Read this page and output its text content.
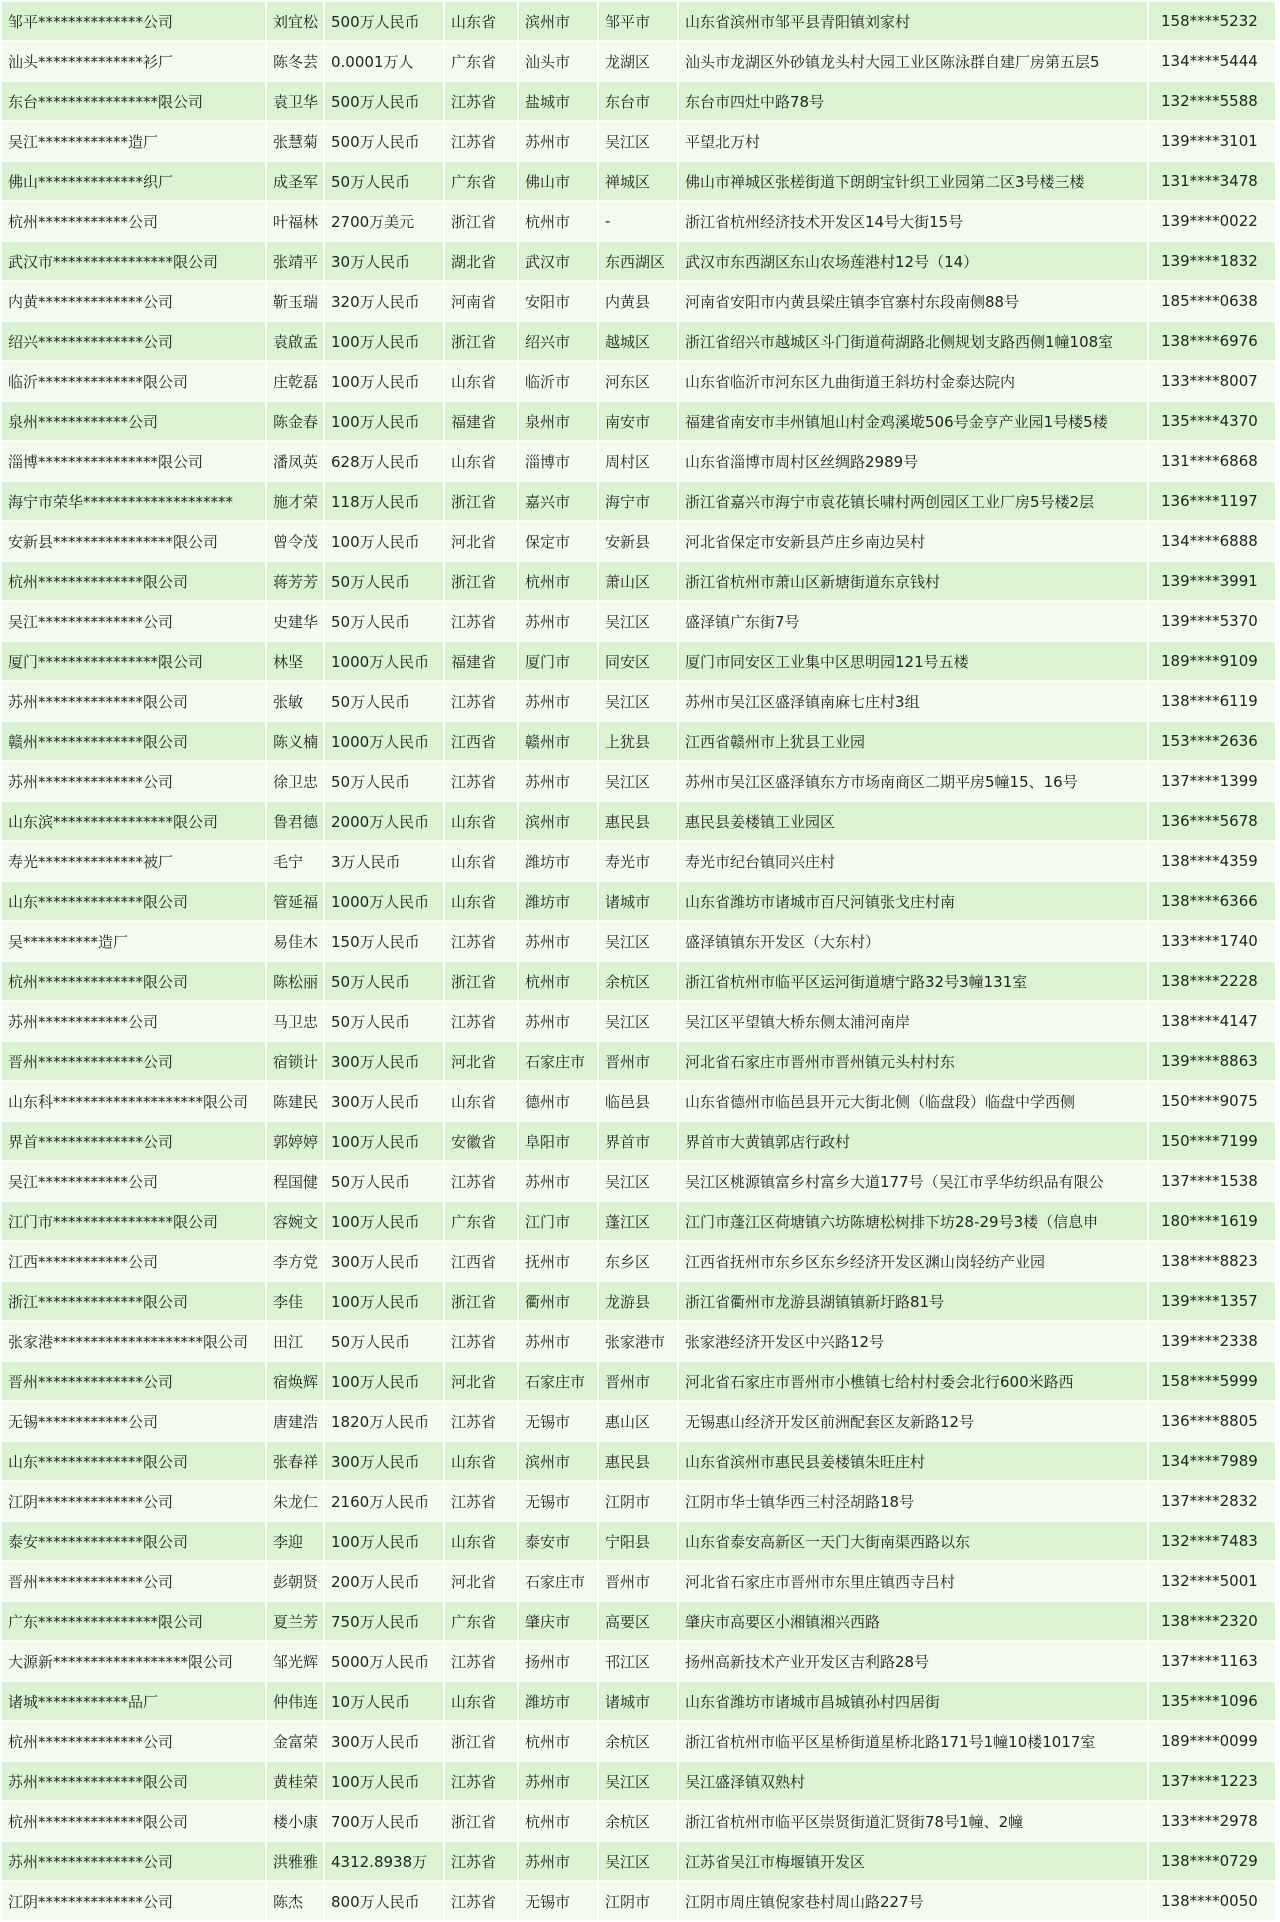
邹平**************公司	刘宜松	500万人民币	山东省	滨州市	邹平市	山东省滨州市邹平县青阳镇刘家村	158****5232
汕头**************衫厂	陈冬芸	0.0001万人	广东省	汕头市	龙湖区	汕头市龙湖区外砂镇龙头村大园工业区陈泳群自建厂房第五层5	134****5444
东台****************限公司	袁卫华	500万人民币	江苏省	盐城市	东台市	东台市四灶中路78号	132****5588
吴江************造厂	张慧菊	500万人民币	江苏省	苏州市	吴江区	平望北万村	139****3101
佛山**************织厂	成圣军	50万人民币	广东省	佛山市	禅城区	佛山市禅城区张槎街道下朗朗宝针织工业园第二区3号楼三楼	131****3478
杭州************公司	叶福林	2700万美元	浙江省	杭州市	-	浙江省杭州经济技术开发区14号大街15号	139****0022
武汉市****************限公司	张靖平	30万人民币	湖北省	武汉市	东西湖区	武汉市东西湖区东山农场莲港村12号（14）	139****1832
内黄**************公司	靳玉瑞	320万人民币	河南省	安阳市	内黄县	河南省安阳市内黄县梁庄镇李官寨村东段南侧88号	185****0638
绍兴**************公司	袁啟孟	100万人民币	浙江省	绍兴市	越城区	浙江省绍兴市越城区斗门街道荷湖路北侧规划支路西侧1幢108室	138****6976
临沂**************限公司	庄乾磊	100万人民币	山东省	临沂市	河东区	山东省临沂市河东区九曲街道王斜坊村金泰达院内	133****8007
泉州************公司	陈金春	100万人民币	福建省	泉州市	南安市	福建省南安市丰州镇旭山村金鸡溪墘506号金亨产业园1号楼5楼	135****4370
淄博****************限公司	潘凤英	628万人民币	山东省	淄博市	周村区	山东省淄博市周村区丝绸路2989号	131****6868
海宁市荣华********************	施才荣	118万人民币	浙江省	嘉兴市	海宁市	浙江省嘉兴市海宁市袁花镇长啸村两创园区工业厂房5号楼2层	136****1197
安新县****************限公司	曾令茂	100万人民币	河北省	保定市	安新县	河北省保定市安新县芦庄乡南边吴村	134****6888
杭州**************限公司	蒋芳芳	50万人民币	浙江省	杭州市	萧山区	浙江省杭州市萧山区新塘街道东京钱村	139****3991
吴江**************公司	史建华	50万人民币	江苏省	苏州市	吴江区	盛泽镇广东街7号	139****5370
厦门****************限公司	林坚	1000万人民币	福建省	厦门市	同安区	厦门市同安区工业集中区思明园121号五楼	189****9109
苏州**************限公司	张敏	50万人民币	江苏省	苏州市	吴江区	苏州市吴江区盛泽镇南麻七庄村3组	138****6119
赣州**************限公司	陈义楠	1000万人民币	江西省	赣州市	上犹县	江西省赣州市上犹县工业园	153****2636
苏州**************公司	徐卫忠	50万人民币	江苏省	苏州市	吴江区	苏州市吴江区盛泽镇东方市场南商区二期平房5幢15、16号	137****1399
山东滨****************限公司	鲁君德	2000万人民币	山东省	滨州市	惠民县	惠民县姜楼镇工业园区	136****5678
寿光**************被厂	毛宁	3万人民币	山东省	潍坊市	寿光市	寿光市纪台镇同兴庄村	138****4359
山东**************限公司	管延福	1000万人民币	山东省	潍坊市	诸城市	山东省潍坊市诸城市百尺河镇张戈庄村南	138****6366
吴**********造厂	易佳木	150万人民币	江苏省	苏州市	吴江区	盛泽镇镇东开发区（大东村）	133****1740
杭州**************限公司	陈松丽	50万人民币	浙江省	杭州市	余杭区	浙江省杭州市临平区运河街道塘宁路32号3幢131室	138****2228
苏州************公司	马卫忠	50万人民币	江苏省	苏州市	吴江区	吴江区平望镇大桥东侧太浦河南岸	138****4147
晋州**************公司	宿锁计	300万人民币	河北省	石家庄市	晋州市	河北省石家庄市晋州市晋州镇元头村村东	139****8863
山东科********************限公司	陈建民	300万人民币	山东省	德州市	临邑县	山东省德州市临邑县开元大街北侧（临盘段）临盘中学西侧	150****9075
界首**************公司	郭婷婷	100万人民币	安徽省	阜阳市	界首市	界首市大黄镇郭店行政村	150****7199
吴江************公司	程国健	50万人民币	江苏省	苏州市	吴江区	吴江区桃源镇富乡村富乡大道177号（吴江市孚华纺织品有限公	137****1538
江门市****************限公司	容婉文	100万人民币	广东省	江门市	蓬江区	江门市蓬江区荷塘镇六坊陈塘松树排下坊28-29号3楼（信息申	180****1619
江西************公司	李方党	300万人民币	江西省	抚州市	东乡区	江西省抚州市东乡区东乡经济开发区渊山岗轻纺产业园	138****8823
浙江**************限公司	李佳	100万人民币	浙江省	衢州市	龙游县	浙江省衢州市龙游县湖镇镇新圩路81号	139****1357
张家港********************限公司	田江	50万人民币	江苏省	苏州市	张家港市	张家港经济开发区中兴路12号	139****2338
晋州**************公司	宿焕辉	100万人民币	河北省	石家庄市	晋州市	河北省石家庄市晋州市小樵镇七给村村委会北行600米路西	158****5999
无锡************公司	唐建浩	1820万人民币	江苏省	无锡市	惠山区	无锡惠山经济开发区前洲配套区友新路12号	136****8805
山东**************限公司	张春祥	300万人民币	山东省	滨州市	惠民县	山东省滨州市惠民县姜楼镇朱旺庄村	134****7989
江阴**************公司	朱龙仁	2160万人民币	江苏省	无锡市	江阴市	江阴市华士镇华西三村泾胡路18号	137****2832
泰安**************限公司	李迎	100万人民币	山东省	泰安市	宁阳县	山东省泰安高新区一天门大街南渠西路以东	132****7483
晋州**************公司	彭朝贤	200万人民币	河北省	石家庄市	晋州市	河北省石家庄市晋州市东里庄镇西寺吕村	132****5001
广东****************限公司	夏兰芳	750万人民币	广东省	肇庆市	高要区	肇庆市高要区小湘镇湘兴西路	138****2320
大源新******************限公司	邹光辉	5000万人民币	江苏省	扬州市	邗江区	扬州高新技术产业开发区吉利路28号	137****1163
诸城************品厂	仲伟连	10万人民币	山东省	潍坊市	诸城市	山东省潍坊市诸城市昌城镇孙村四居街	135****1096
杭州**************公司	金富荣	300万人民币	浙江省	杭州市	余杭区	浙江省杭州市临平区星桥街道星桥北路171号1幢10楼1017室	189****0099
苏州**************限公司	黄桂荣	100万人民币	江苏省	苏州市	吴江区	吴江盛泽镇双熟村	137****1223
杭州**************限公司	楼小康	700万人民币	浙江省	杭州市	余杭区	浙江省杭州市临平区崇贤街道汇贤街78号1幢、2幢	133****2978
苏州**************公司	洪雅雅	4312.8938万	江苏省	苏州市	吴江区	江苏省吴江市梅堰镇开发区	138****0729
江阴**************公司	陈杰	800万人民币	江苏省	无锡市	江阴市	江阴市周庄镇倪家巷村周山路227号	138****0050
